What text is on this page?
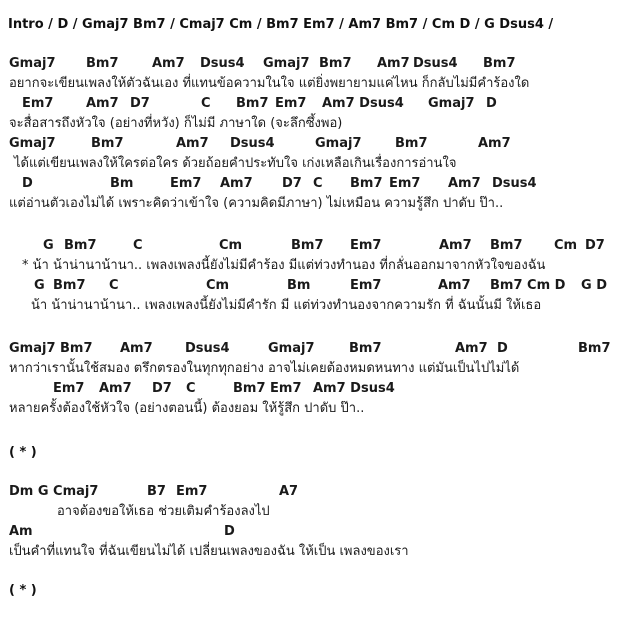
Gmaj7 Bm7	Am7 Dsus4 Gmaj7 Bm7 Am7 Dsus4 Bm7
อยากจะเขียนเพลงให้ตัวฉันเอง ที่แทนข้อความในใจ แต่ยิ่งพยายามแค่ไหน ก็กลับไม่มีคำร้องใด
Em7	Am7 D7	C Bm7 Em7 Am7 Dsus4 Gmaj7 D
จะสื่อสารถึงหัวใจ (อย่างที่หวัง) ก็ไม่มี ภาษาใด (จะลึกซึ้งพอ)
Gmaj7	Bm7	Am7 Dsus4	Gmaj7	Bm7	Am7
ได้แต่เขียนเพลงให้ใครต่อใคร ด้วยถ้อยคำประทับใจ เก่งเหลือเกินเรื่องการอ่านใจ
D	Bm	Em7 Am7 D7 C Bm7 Em7 Am7 Dsus4
แต่อ่านตัวเองไม่ได้ เพราะคิดว่าเข้าใจ (ความคิดมีภาษา) ไม่เหมือน ความรู้สึก ปาดับ ป๊า..
G Bm7	C	Cm	Bm7 Em7	Am7 Bm7 Cm D7
* น้า น้าน่านาน้านา.. เพลงเพลงนี้ยังไม่มีคำร้อง มีแต่ท่วงทำนอง ที่กลั่นออกมาจากหัวใจของฉัน
G Bm7 C	Cm	Bm	Em7	Am7 Bm7 Cm D G D
น้า น้าน่านาน้านา.. เพลงเพลงนี้ยังไม่มีคำรัก มี แต่ท่วงทำนองจากความรัก ที่ ฉันนั้นมี ให้เธอ
Gmaj7 Bm7 Am7 Dsus4	Gmaj7	Bm7	Am7 D	Bm7
หากว่าเรานั้นใช้สมอง ตรึกตรองในทุกทุกอย่าง อาจไม่เคยต้องหมดหนทาง แต่มันเป็นไปไม่ได้
Em7 Am7 D7 C	Bm7 Em7 Am7 Dsus4
หลายครั้งต้องใช้หัวใจ (อย่างตอนนี้) ต้องยอม ให้รู้สึก ปาดับ ป๊า..
Dm G Cmaj7	B7 Em7	A7
อาจต้องขอให้เธอ ช่วยเติมคำร้องลงไป
Am	D
เป็นคำที่แทนใจ ที่ฉันเขียนไม่ได้ เปลี่ยนเพลงของฉัน ให้เป็น เพลงของเรา
Intro / D / Gmaj7 Bm7 / Cmaj7 Cm / Bm7 Em7 / Am7 Bm7 / Cm D / G Dsus4 /
( * )
( * )
